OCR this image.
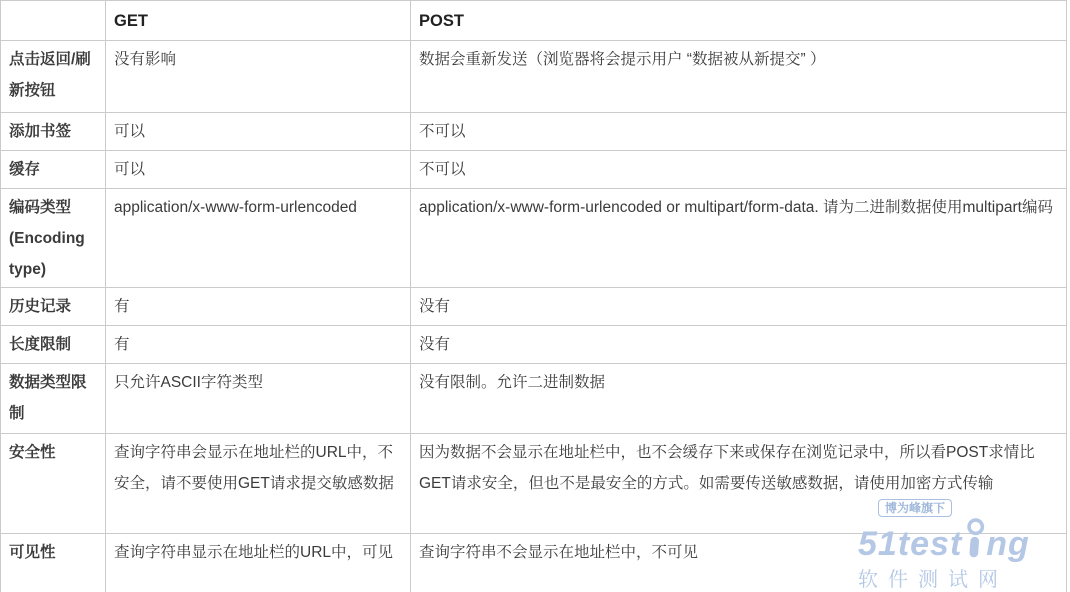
	GET	POST
点击返回/刷新按钮	没有影响	数据会重新发送（浏览器将会提示用户 “数据被从新提交” ）
添加书签	可以	不可以
缓存	可以	不可以
编码类型 (Encoding type)	application/x-www-form-urlencoded	application/x-www-form-urlencoded or multipart/form-data. 请为二进制数据使用multipart编码
历史记录	有	没有
长度限制	有	没有
数据类型限制	只允许ASCII字符类型	没有限制。允许二进制数据
安全性	查询字符串会显示在地址栏的URL中，不安全，请不要使用GET请求提交敏感数据	因为数据不会显示在地址栏中，也不会缓存下来或保存在浏览记录中，所以看POST求情比GET请求安全，但也不是最安全的方式。如需要传送敏感数据，请使用加密方式传输
可见性	查询字符串显示在地址栏的URL中，可见	查询字符串不会显示在地址栏中，不可见
博为峰旗下
51test ng
软件测试网
